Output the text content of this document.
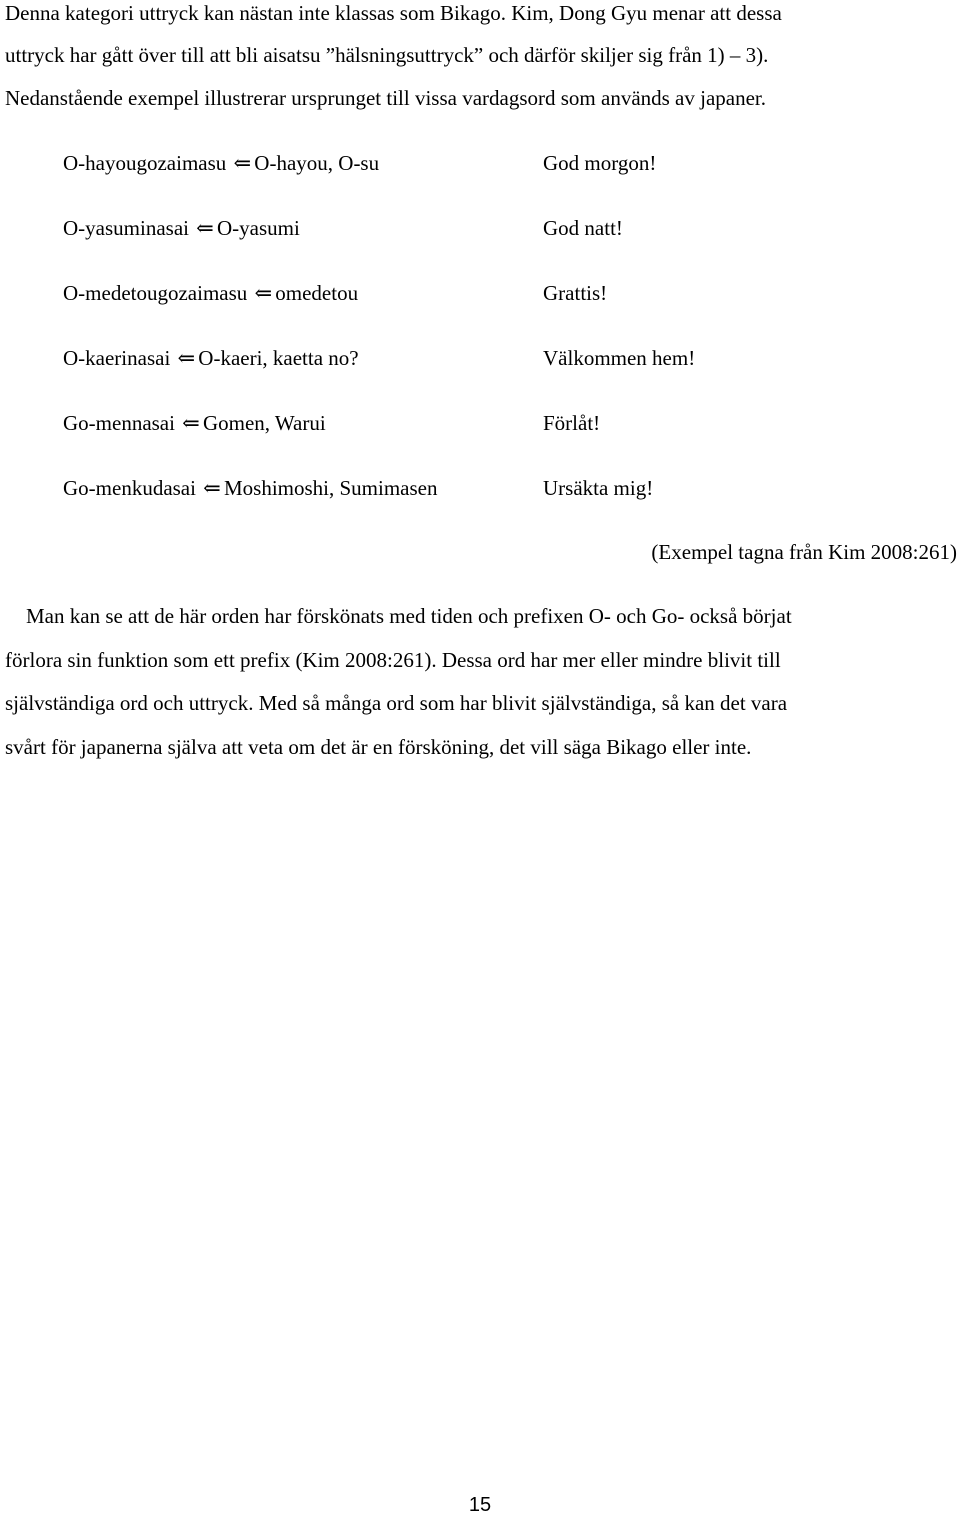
Denna kategori uttryck kan nästan inte klassas som Bikago. Kim, Dong Gyu menar att dessa
uttryck har gått över till att bli aisatsu ”hälsningsuttryck” och därför skiljer sig från 1) – 3).
Nedanstående exempel illustrerar ursprunget till vissa vardagsord som används av japaner.
O-hayougozaimasu ⇐ O-hayou, O-su	God morgon!
O-yasuminasai ⇐ O-yasumi	God natt!
O-medetougozaimasu ⇐ omedetou	Grattis!
O-kaerinasai ⇐ O-kaeri, kaetta no?	Välkommen hem!
Go-mennasai ⇐ Gomen, Warui	Förlåt!
Go-menkudasai ⇐ Moshimoshi, Sumimasen	Ursäkta mig!
(Exempel tagna från Kim 2008:261)
Man kan se att de här orden har förskönats med tiden och prefixen O- och Go- också börjat
förlora sin funktion som ett prefix (Kim 2008:261). Dessa ord har mer eller mindre blivit till
självständiga ord och uttryck. Med så många ord som har blivit självständiga, så kan det vara
svårt för japanerna själva att veta om det är en försköning, det vill säga Bikago eller inte.
15
